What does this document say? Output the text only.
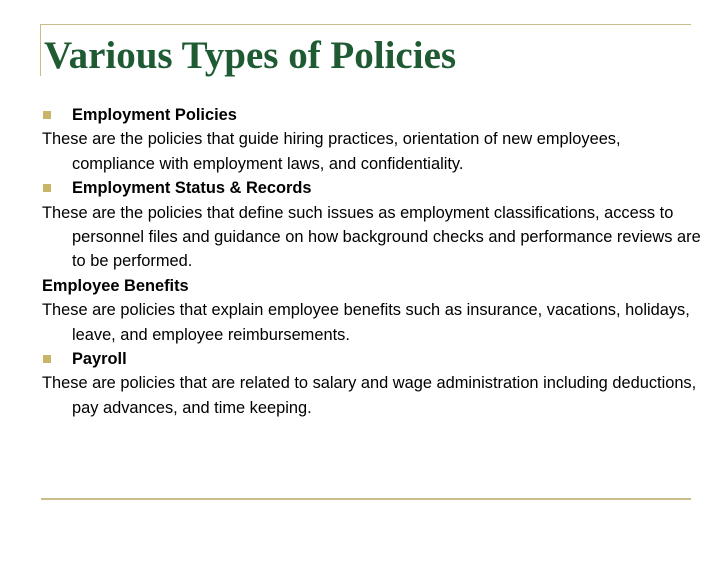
Various Types of Policies
Employment Policies
These are the policies that guide hiring practices, orientation of new employees, compliance with employment laws, and confidentiality.
Employment Status & Records
These are the policies that define such issues as employment classifications, access to personnel files and guidance on how background checks and performance reviews are to be performed.
Employee Benefits
These are policies that explain employee benefits such as insurance, vacations, holidays, leave, and employee reimbursements.
Payroll
These are policies that are related to salary and wage administration including deductions, pay advances, and time keeping.
